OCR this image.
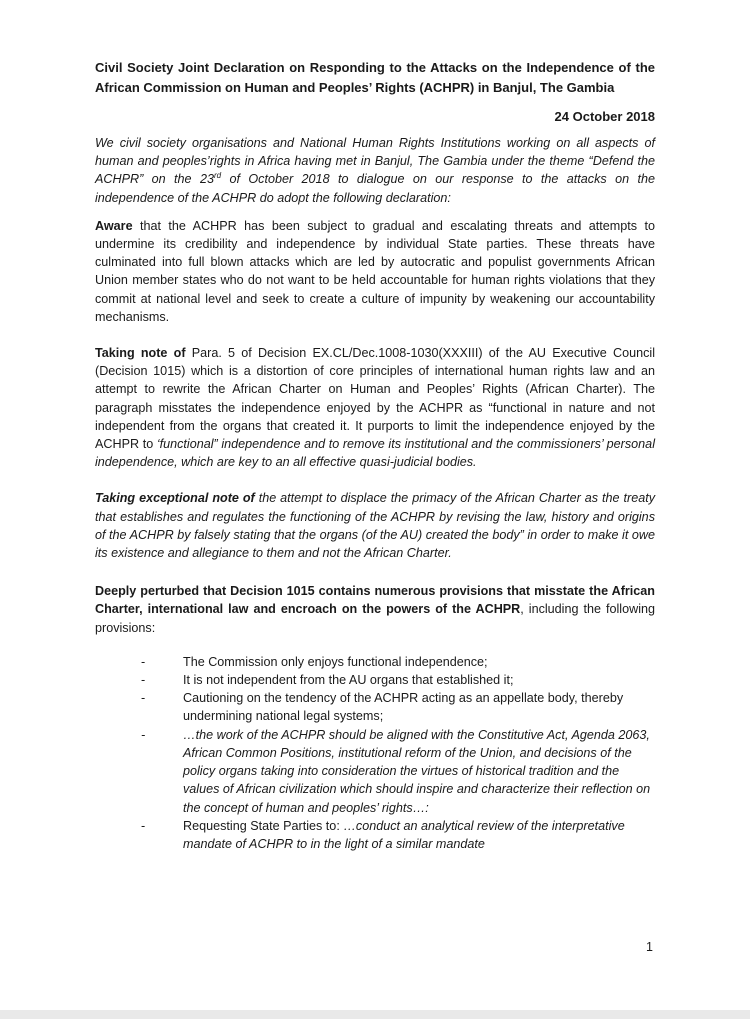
Civil Society Joint Declaration on Responding to the Attacks on the Independence of the African Commission on Human and Peoples’ Rights (ACHPR) in Banjul, The Gambia

24 October 2018

We civil society organisations and National Human Rights Institutions working on all aspects of human and peoples’rights in Africa having met in Banjul, The Gambia under the theme “Defend the ACHPR” on the 23rd of October 2018 to dialogue on our response to the attacks on the independence of the ACHPR do adopt the following declaration:

Aware that the ACHPR has been subject to gradual and escalating threats and attempts to undermine its credibility and independence by individual State parties. These threats have culminated into full blown attacks which are led by autocratic and populist governments African Union member states who do not want to be held accountable for human rights violations that they commit at national level and seek to create a culture of impunity by weakening our accountability mechanisms.

Taking note of Para. 5 of Decision EX.CL/Dec.1008-1030(XXXIII) of the AU Executive Council (Decision 1015) which is a distortion of core principles of international human rights law and an attempt to rewrite the African Charter on Human and Peoples’ Rights (African Charter). The paragraph misstates the independence enjoyed by the ACHPR as “functional in nature and not independent from the organs that created it. It purports to limit the independence enjoyed by the ACHPR to ‘functional” independence and to remove its institutional and the commissioners’ personal independence, which are key to an all effective quasi-judicial bodies.

Taking exceptional note of the attempt to displace the primacy of the African Charter as the treaty that establishes and regulates the functioning of the ACHPR by revising the law, history and origins of the ACHPR by falsely stating that the organs (of the AU) created the body” in order to make it owe its existence and allegiance to them and not the African Charter.

Deeply perturbed that Decision 1015 contains numerous provisions that misstate the African Charter, international law and encroach on the powers of the ACHPR, including the following provisions:

-	The Commission only enjoys functional independence;
-	It is not independent from the AU organs that established it;
-	Cautioning on the tendency of the ACHPR acting as an appellate body, thereby undermining national legal systems;
-	…the work of the ACHPR should be aligned with the Constitutive Act, Agenda 2063, African Common Positions, institutional reform of the Union, and decisions of the policy organs taking into consideration the virtues of historical tradition and the values of African civilization which should inspire and characterize their reflection on the concept of human and peoples’ rights…:
-	Requesting State Parties to: …conduct an analytical review of the interpretative mandate of ACHPR to in the light of a similar mandate
1
